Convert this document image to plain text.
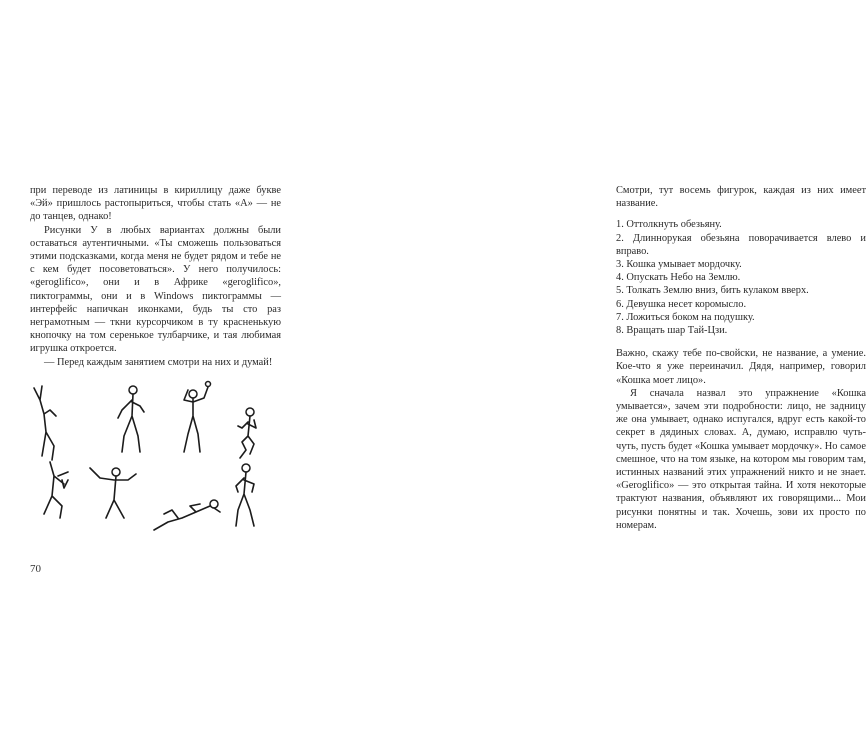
при переводе из латиницы в кириллицу даже букве «Эй» пришлось растопыриться, чтобы стать «А» — не до танцев, однако!

Рисунки У в любых вариантах должны были оставаться аутентичными. «Ты сможешь пользоваться этими подсказками, когда меня не будет рядом и тебе не с кем будет посоветоваться». У него получилось: «geroglifico», они и в Африке «geroglifico», пиктограммы, они и в Windows пиктограммы — интерфейс напичкан иконками, будь ты сто раз неграмотным — ткни курсорчиком в ту красненькую кнопочку на том серенькое тулбарчике, и тая любимая игрушка откроется.

— Перед каждым занятием смотри на них и думай!

70

Смотри, тут восемь фигурок, каждая из них имеет название.

1. Оттолкнуть обезьяну.
2. Длиннорукая обезьяна поворачивается влево и вправо.
3. Кошка умывает мордочку.
4. Опускать Небо на Землю.
5. Толкать Землю вниз, бить кулаком вверх.
6. Девушка несет коромысло.
7. Ложиться боком на подушку.
8. Вращать шар Тай-Цзи.

Важно, скажу тебе по-свойски, не название, а умение. Кое-что я уже переиначил. Дядя, например, говорил «Кошка моет лицо».

Я сначала назвал это упражнение «Кошка умывается», зачем эти подробности: лицо, не задницу же она умывает, однако испугался, вдруг есть какой-то секрет в дядиных словах. А, думаю, исправлю чуть-чуть, пусть будет «Кошка умывает мордочку». Но самое смешное, что на том языке, на котором мы говорим там, истинных названий этих упражнений никто и не знает. «Geroglifico» — это открытая тайна. И хотя некоторые трактуют названия, объявляют их говорящими... Мои рисунки понятны и так. Хочешь, зови их просто по номерам.
